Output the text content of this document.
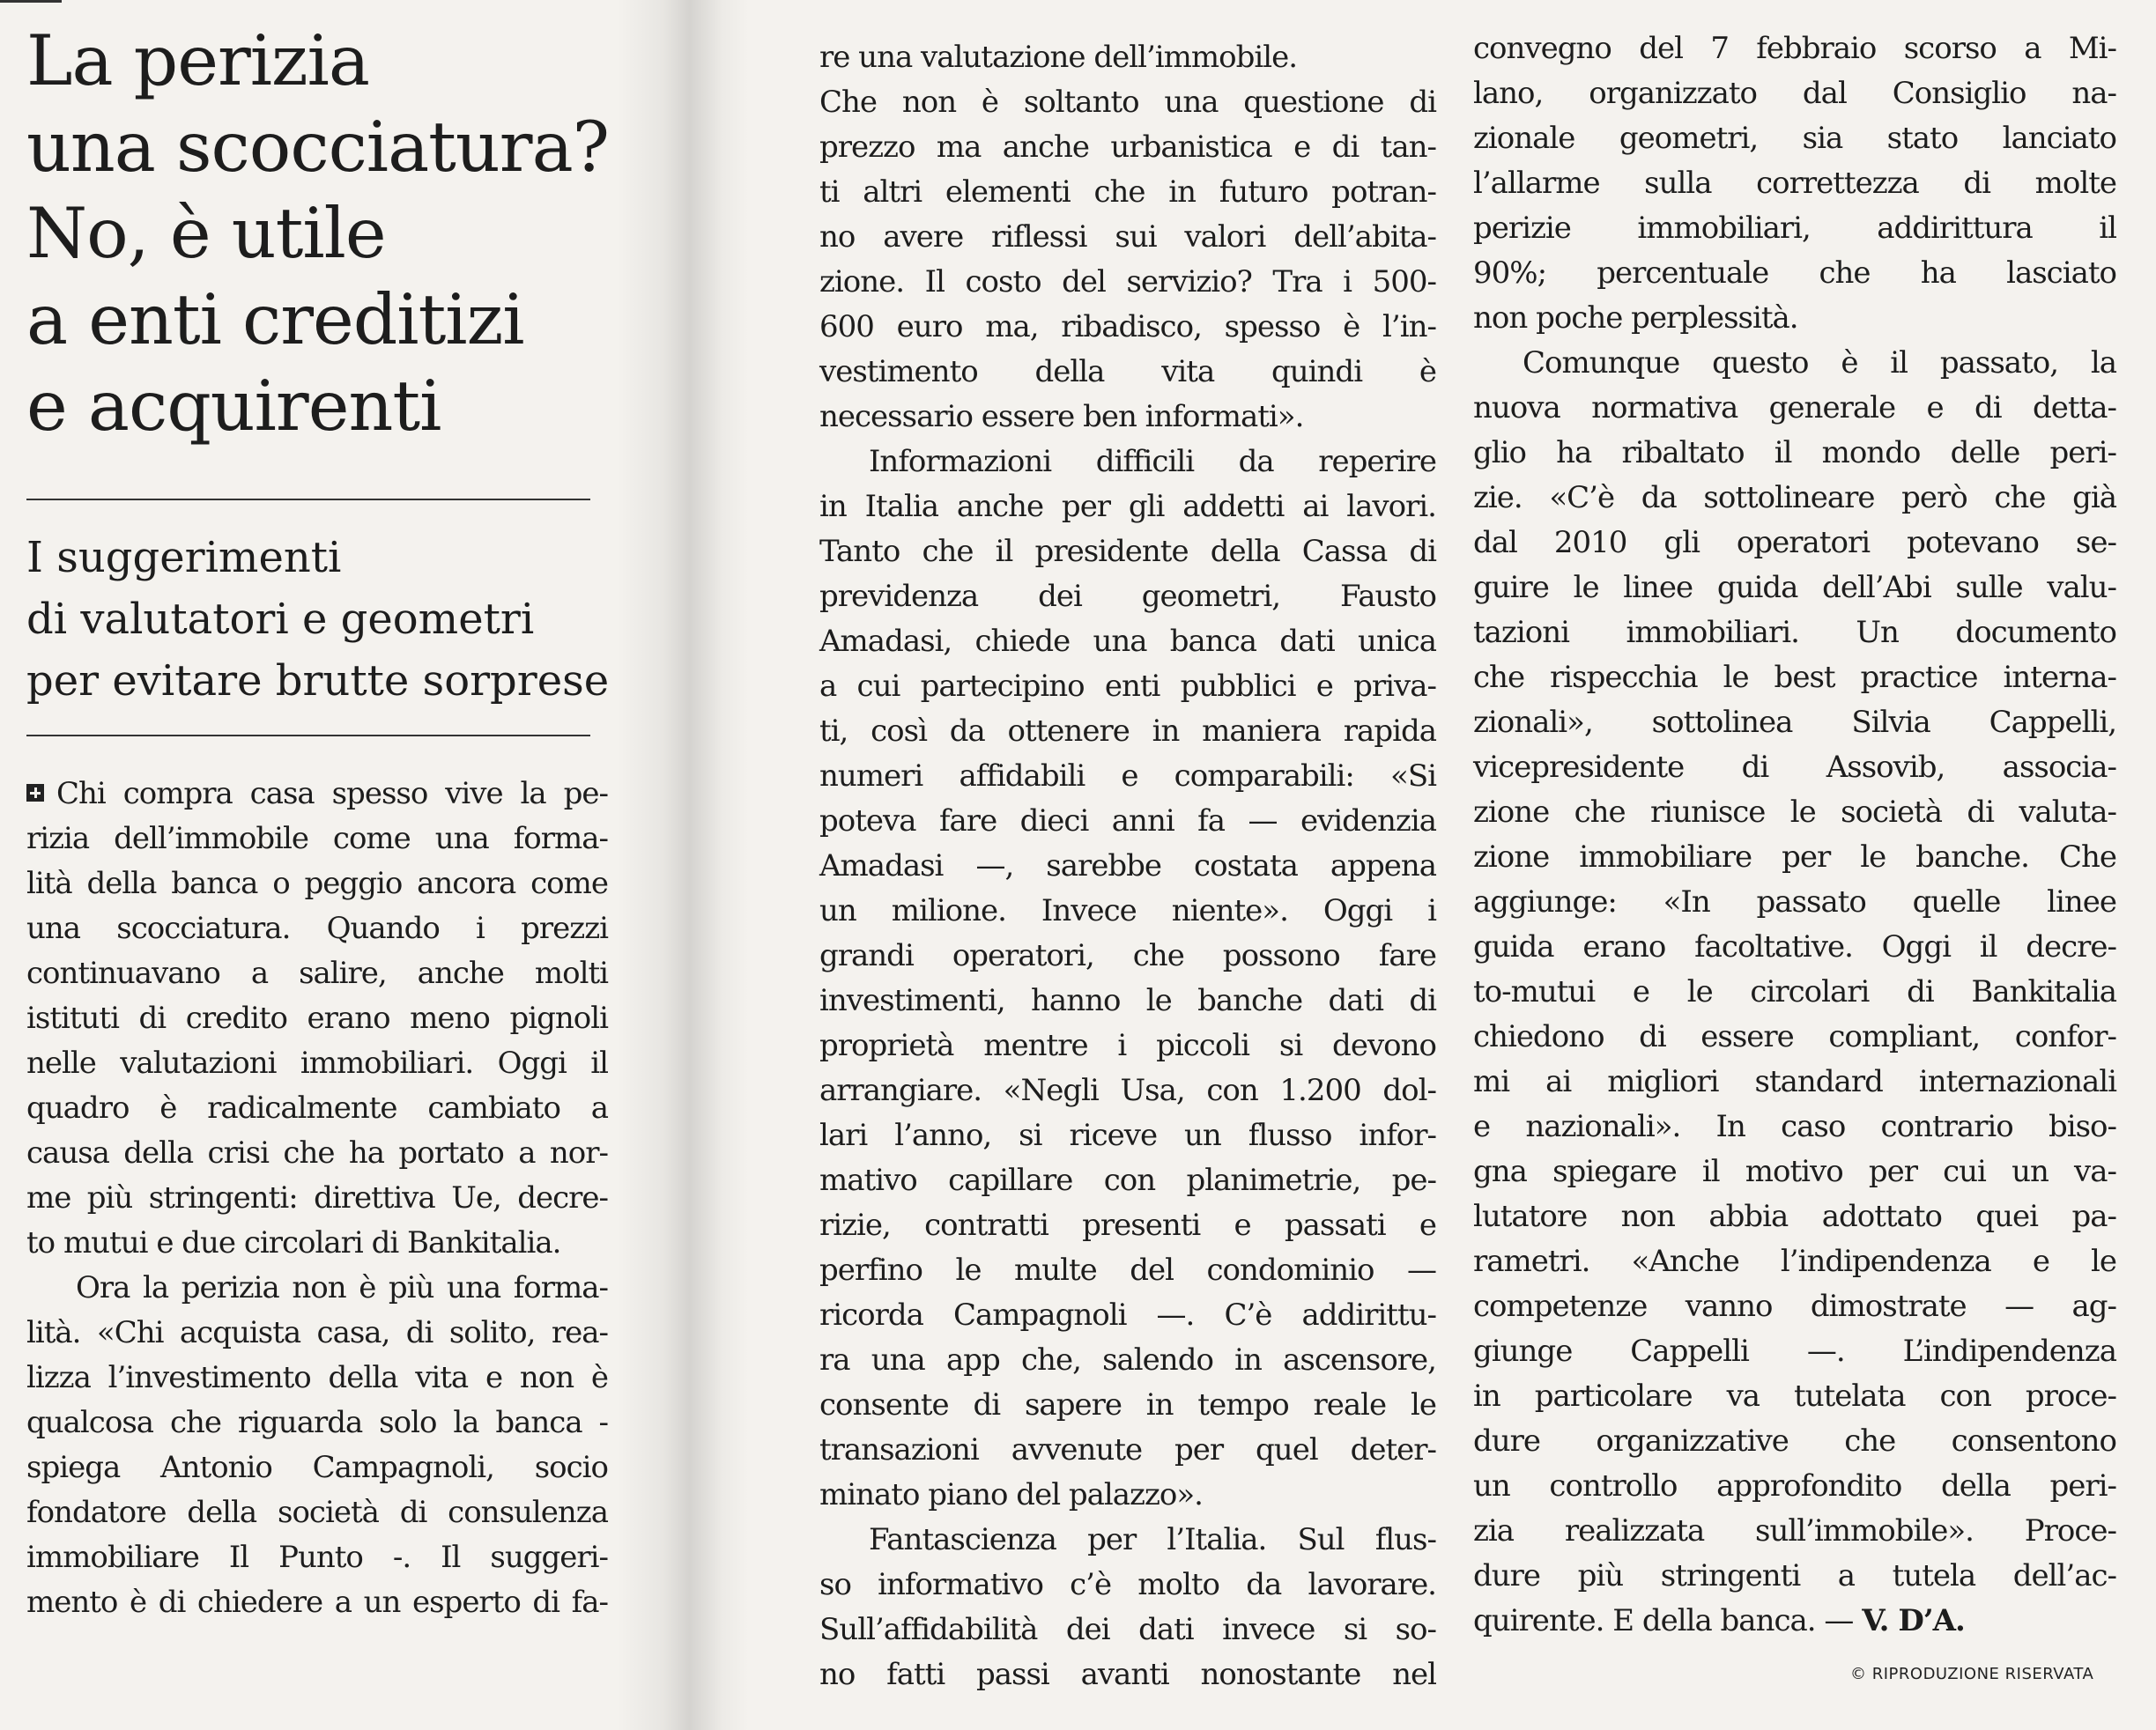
La perizia
una scocciatura?
No, è utile
a enti creditizi
e acquirenti
I suggerimenti
di valutatori e geometri
per evitare brutte sorprese
Chi compra casa spesso vive la pe-
rizia dell’immobile come una forma-
lità della banca o peggio ancora come
una scocciatura. Quando i prezzi
continuavano a salire, anche molti
istituti di credito erano meno pignoli
nelle valutazioni immobiliari. Oggi il
quadro è radicalmente cambiato a
causa della crisi che ha portato a nor-
me più stringenti: direttiva Ue, decre-
to mutui e due circolari di Bankitalia.
Ora la perizia non è più una forma-
lità. «Chi acquista casa, di solito, rea-
lizza l’investimento della vita e non è
qualcosa che riguarda solo la banca -
spiega Antonio Campagnoli, socio
fondatore della società di consulenza
immobiliare Il Punto -. Il suggeri-
mento è di chiedere a un esperto di fa-
re una valutazione dell’immobile.
Che non è soltanto una questione di
prezzo ma anche urbanistica e di tan-
ti altri elementi che in futuro potran-
no avere riflessi sui valori dell’abita-
zione. Il costo del servizio? Tra i 500-
600 euro ma, ribadisco, spesso è l’in-
vestimento della vita quindi è
necessario essere ben informati».
Informazioni difficili da reperire
in Italia anche per gli addetti ai lavori.
Tanto che il presidente della Cassa di
previdenza dei geometri, Fausto
Amadasi, chiede una banca dati unica
a cui partecipino enti pubblici e priva-
ti, così da ottenere in maniera rapida
numeri affidabili e comparabili: «Si
poteva fare dieci anni fa — evidenzia
Amadasi —, sarebbe costata appena
un milione. Invece niente». Oggi i
grandi operatori, che possono fare
investimenti, hanno le banche dati di
proprietà mentre i piccoli si devono
arrangiare. «Negli Usa, con 1.200 dol-
lari l’anno, si riceve un flusso infor-
mativo capillare con planimetrie, pe-
rizie, contratti presenti e passati e
perfino le multe del condominio —
ricorda Campagnoli —. C’è addirittu-
ra una app che, salendo in ascensore,
consente di sapere in tempo reale le
transazioni avvenute per quel deter-
minato piano del palazzo».
Fantascienza per l’Italia. Sul flus-
so informativo c’è molto da lavorare.
Sull’affidabilità dei dati invece si so-
no fatti passi avanti nonostante nel
convegno del 7 febbraio scorso a Mi-
lano, organizzato dal Consiglio na-
zionale geometri, sia stato lanciato
l’allarme sulla correttezza di molte
perizie immobiliari, addirittura il
90%; percentuale che ha lasciato
non poche perplessità.
Comunque questo è il passato, la
nuova normativa generale e di detta-
glio ha ribaltato il mondo delle peri-
zie. «C’è da sottolineare però che già
dal 2010 gli operatori potevano se-
guire le linee guida dell’Abi sulle valu-
tazioni immobiliari. Un documento
che rispecchia le best practice interna-
zionali», sottolinea Silvia Cappelli,
vicepresidente di Assovib, associa-
zione che riunisce le società di valuta-
zione immobiliare per le banche. Che
aggiunge: «In passato quelle linee
guida erano facoltative. Oggi il decre-
to-mutui e le circolari di Bankitalia
chiedono di essere compliant, confor-
mi ai migliori standard internazionali
e nazionali». In caso contrario biso-
gna spiegare il motivo per cui un va-
lutatore non abbia adottato quei pa-
rametri. «Anche l’indipendenza e le
competenze vanno dimostrate — ag-
giunge Cappelli —. L’indipendenza
in particolare va tutelata con proce-
dure organizzative che consentono
un controllo approfondito della peri-
zia realizzata sull’immobile». Proce-
dure più stringenti a tutela dell’ac-
quirente. E della banca. — V. D’A.
© RIPRODUZIONE RISERVATA
